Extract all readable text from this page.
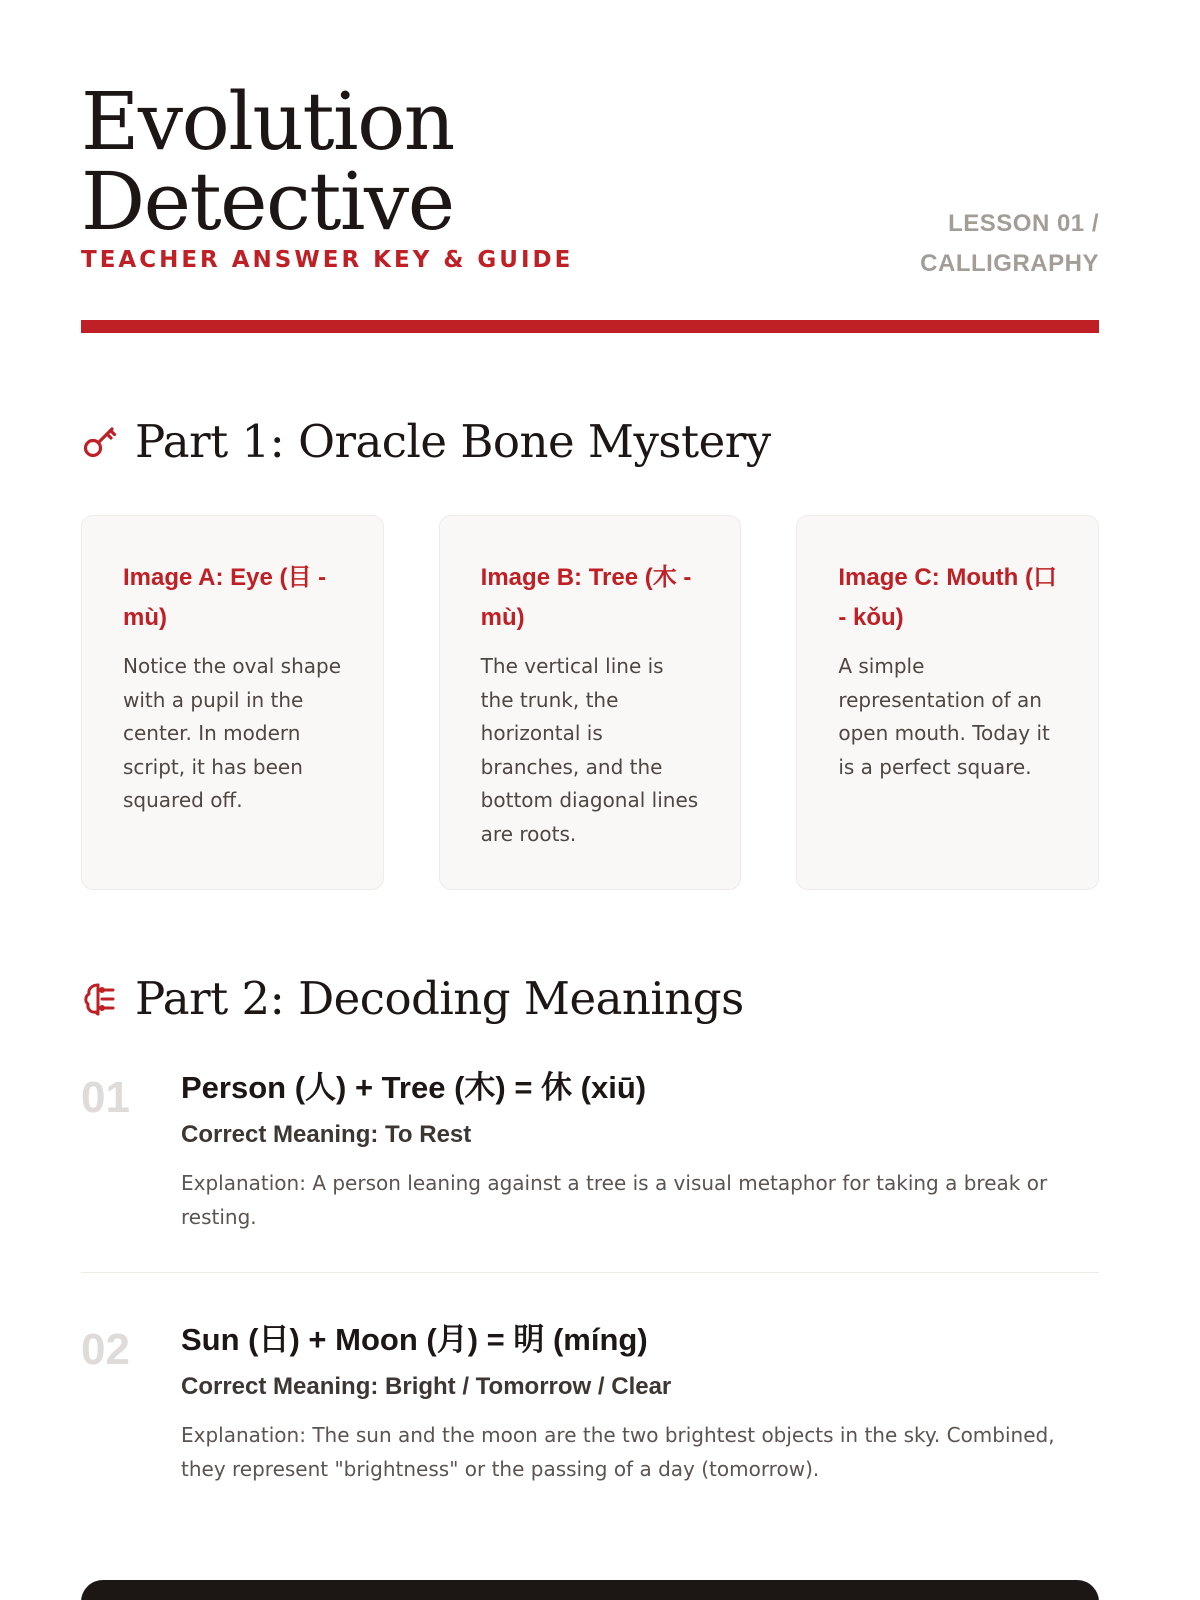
Evolution
Detective
TEACHER ANSWER KEY & GUIDE
LESSON 01 /
CALLIGRAPHY
Part 1: Oracle Bone Mystery
Image A: Eye (目 - mù)

Notice the oval shape with a pupil in the center. In modern script, it has been squared off.

Image B: Tree (木 - mù)

The vertical line is the trunk, the horizontal is branches, and the bottom diagonal lines are roots.

Image C: Mouth (口 - kǒu)

A simple representation of an open mouth. Today it is a perfect square.

Part 2: Decoding Meanings
01 Person (人) + Tree (木) = 休 (xiū)

Correct Meaning: To Rest

Explanation: A person leaning against a tree is a visual metaphor for taking a break or resting.

02 Sun (日) + Moon (月) = 明 (míng)

Correct Meaning: Bright / Tomorrow / Clear

Explanation: The sun and the moon are the two brightest objects in the sky. Combined, they represent "brightness" or the passing of a day (tomorrow).
